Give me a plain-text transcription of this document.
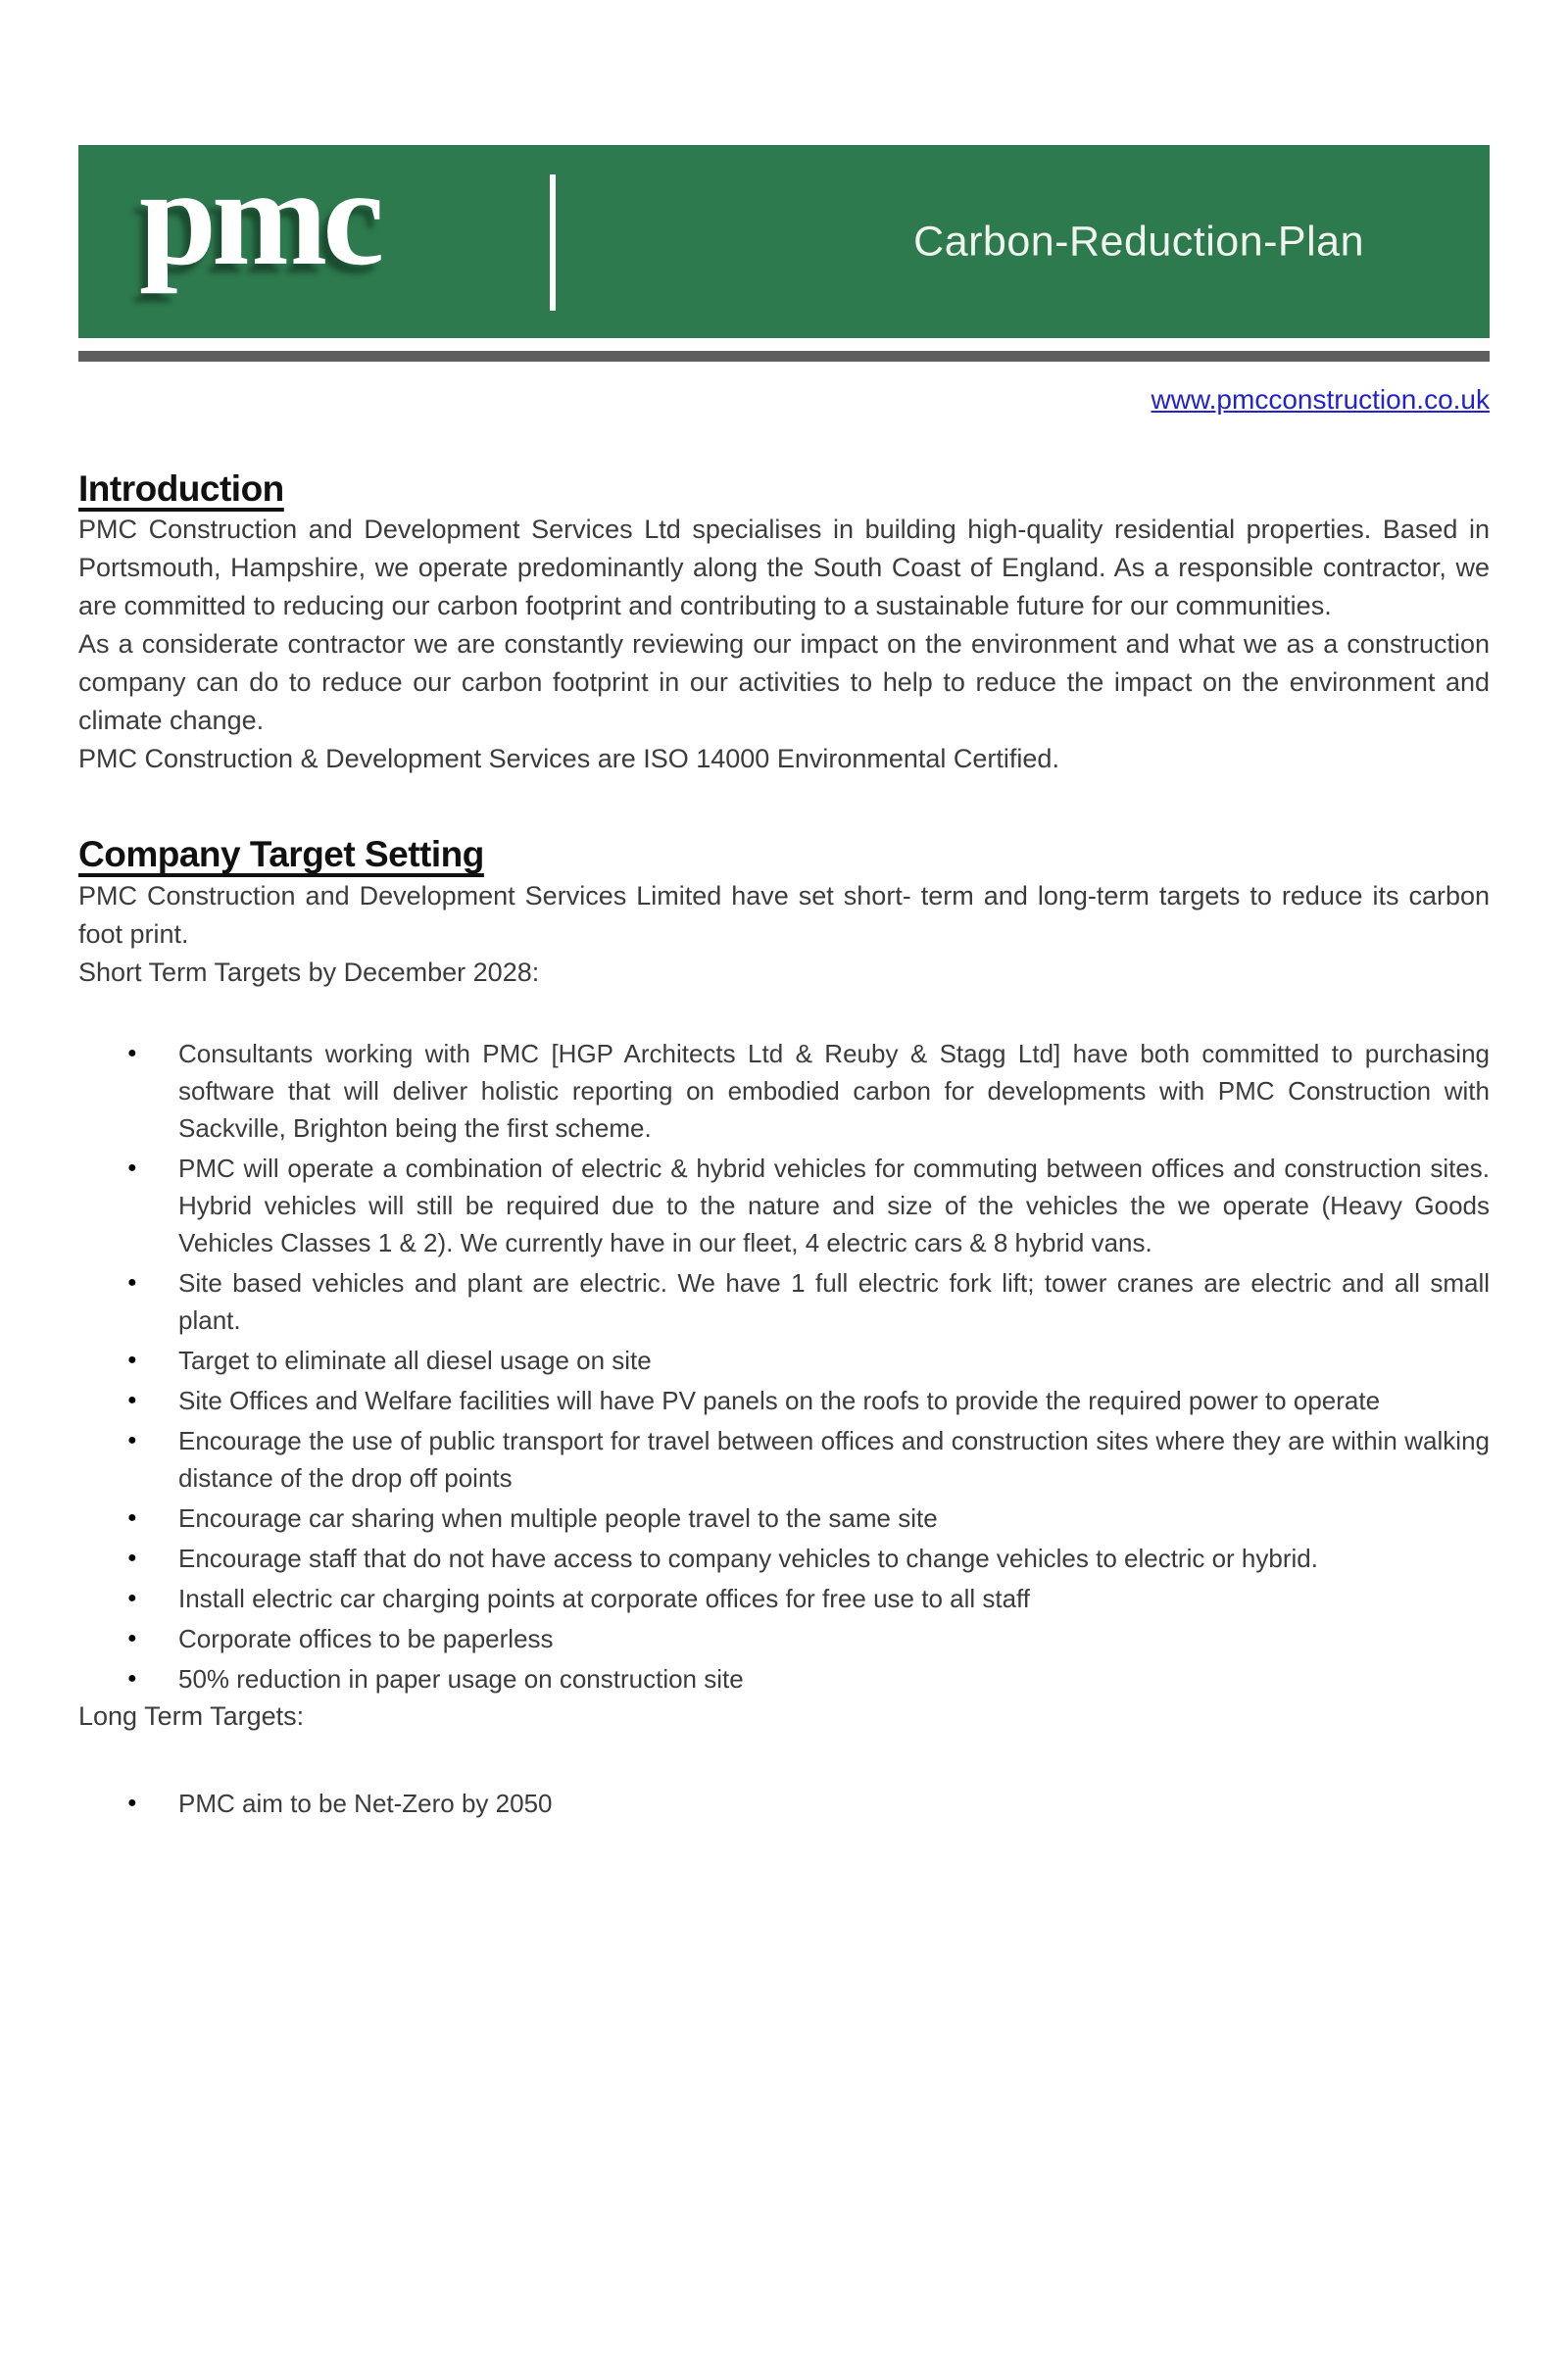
pmc	Carbon-Reduction-Plan
www.pmcconstruction.co.uk
Introduction

PMC Construction and Development Services Ltd specialises in building high-quality residential properties. Based in Portsmouth, Hampshire, we operate predominantly along the South Coast of England. As a responsible contractor, we are committed to reducing our carbon footprint and contributing to a sustainable future for our communities.

As a considerate contractor we are constantly reviewing our impact on the environment and what we as a construction company can do to reduce our carbon footprint in our activities to help to reduce the impact on the environment and climate change.

PMC Construction & Development Services are ISO 14000 Environmental Certified.

Company Target Setting

PMC Construction and Development Services Limited have set short- term and long-term targets to reduce its carbon foot print.

Short Term Targets by December 2028:

● Consultants working with PMC [HGP Architects Ltd & Reuby & Stagg Ltd] have both committed to purchasing software that will deliver holistic reporting on embodied carbon for developments with PMC Construction with Sackville, Brighton being the first scheme.
● PMC will operate a combination of electric & hybrid vehicles for commuting between offices and construction sites. Hybrid vehicles will still be required due to the nature and size of the vehicles the we operate (Heavy Goods Vehicles Classes 1 & 2). We currently have in our fleet, 4 electric cars & 8 hybrid vans.
● Site based vehicles and plant are electric. We have 1 full electric fork lift; tower cranes are electric and all small plant.
● Target to eliminate all diesel usage on site
● Site Offices and Welfare facilities will have PV panels on the roofs to provide the required power to operate
● Encourage the use of public transport for travel between offices and construction sites where they are within walking distance of the drop off points
● Encourage car sharing when multiple people travel to the same site
● Encourage staff that do not have access to company vehicles to change vehicles to electric or hybrid.
● Install electric car charging points at corporate offices for free use to all staff
● Corporate offices to be paperless
● 50% reduction in paper usage on construction site

Long Term Targets:

● PMC aim to be Net-Zero by 2050
